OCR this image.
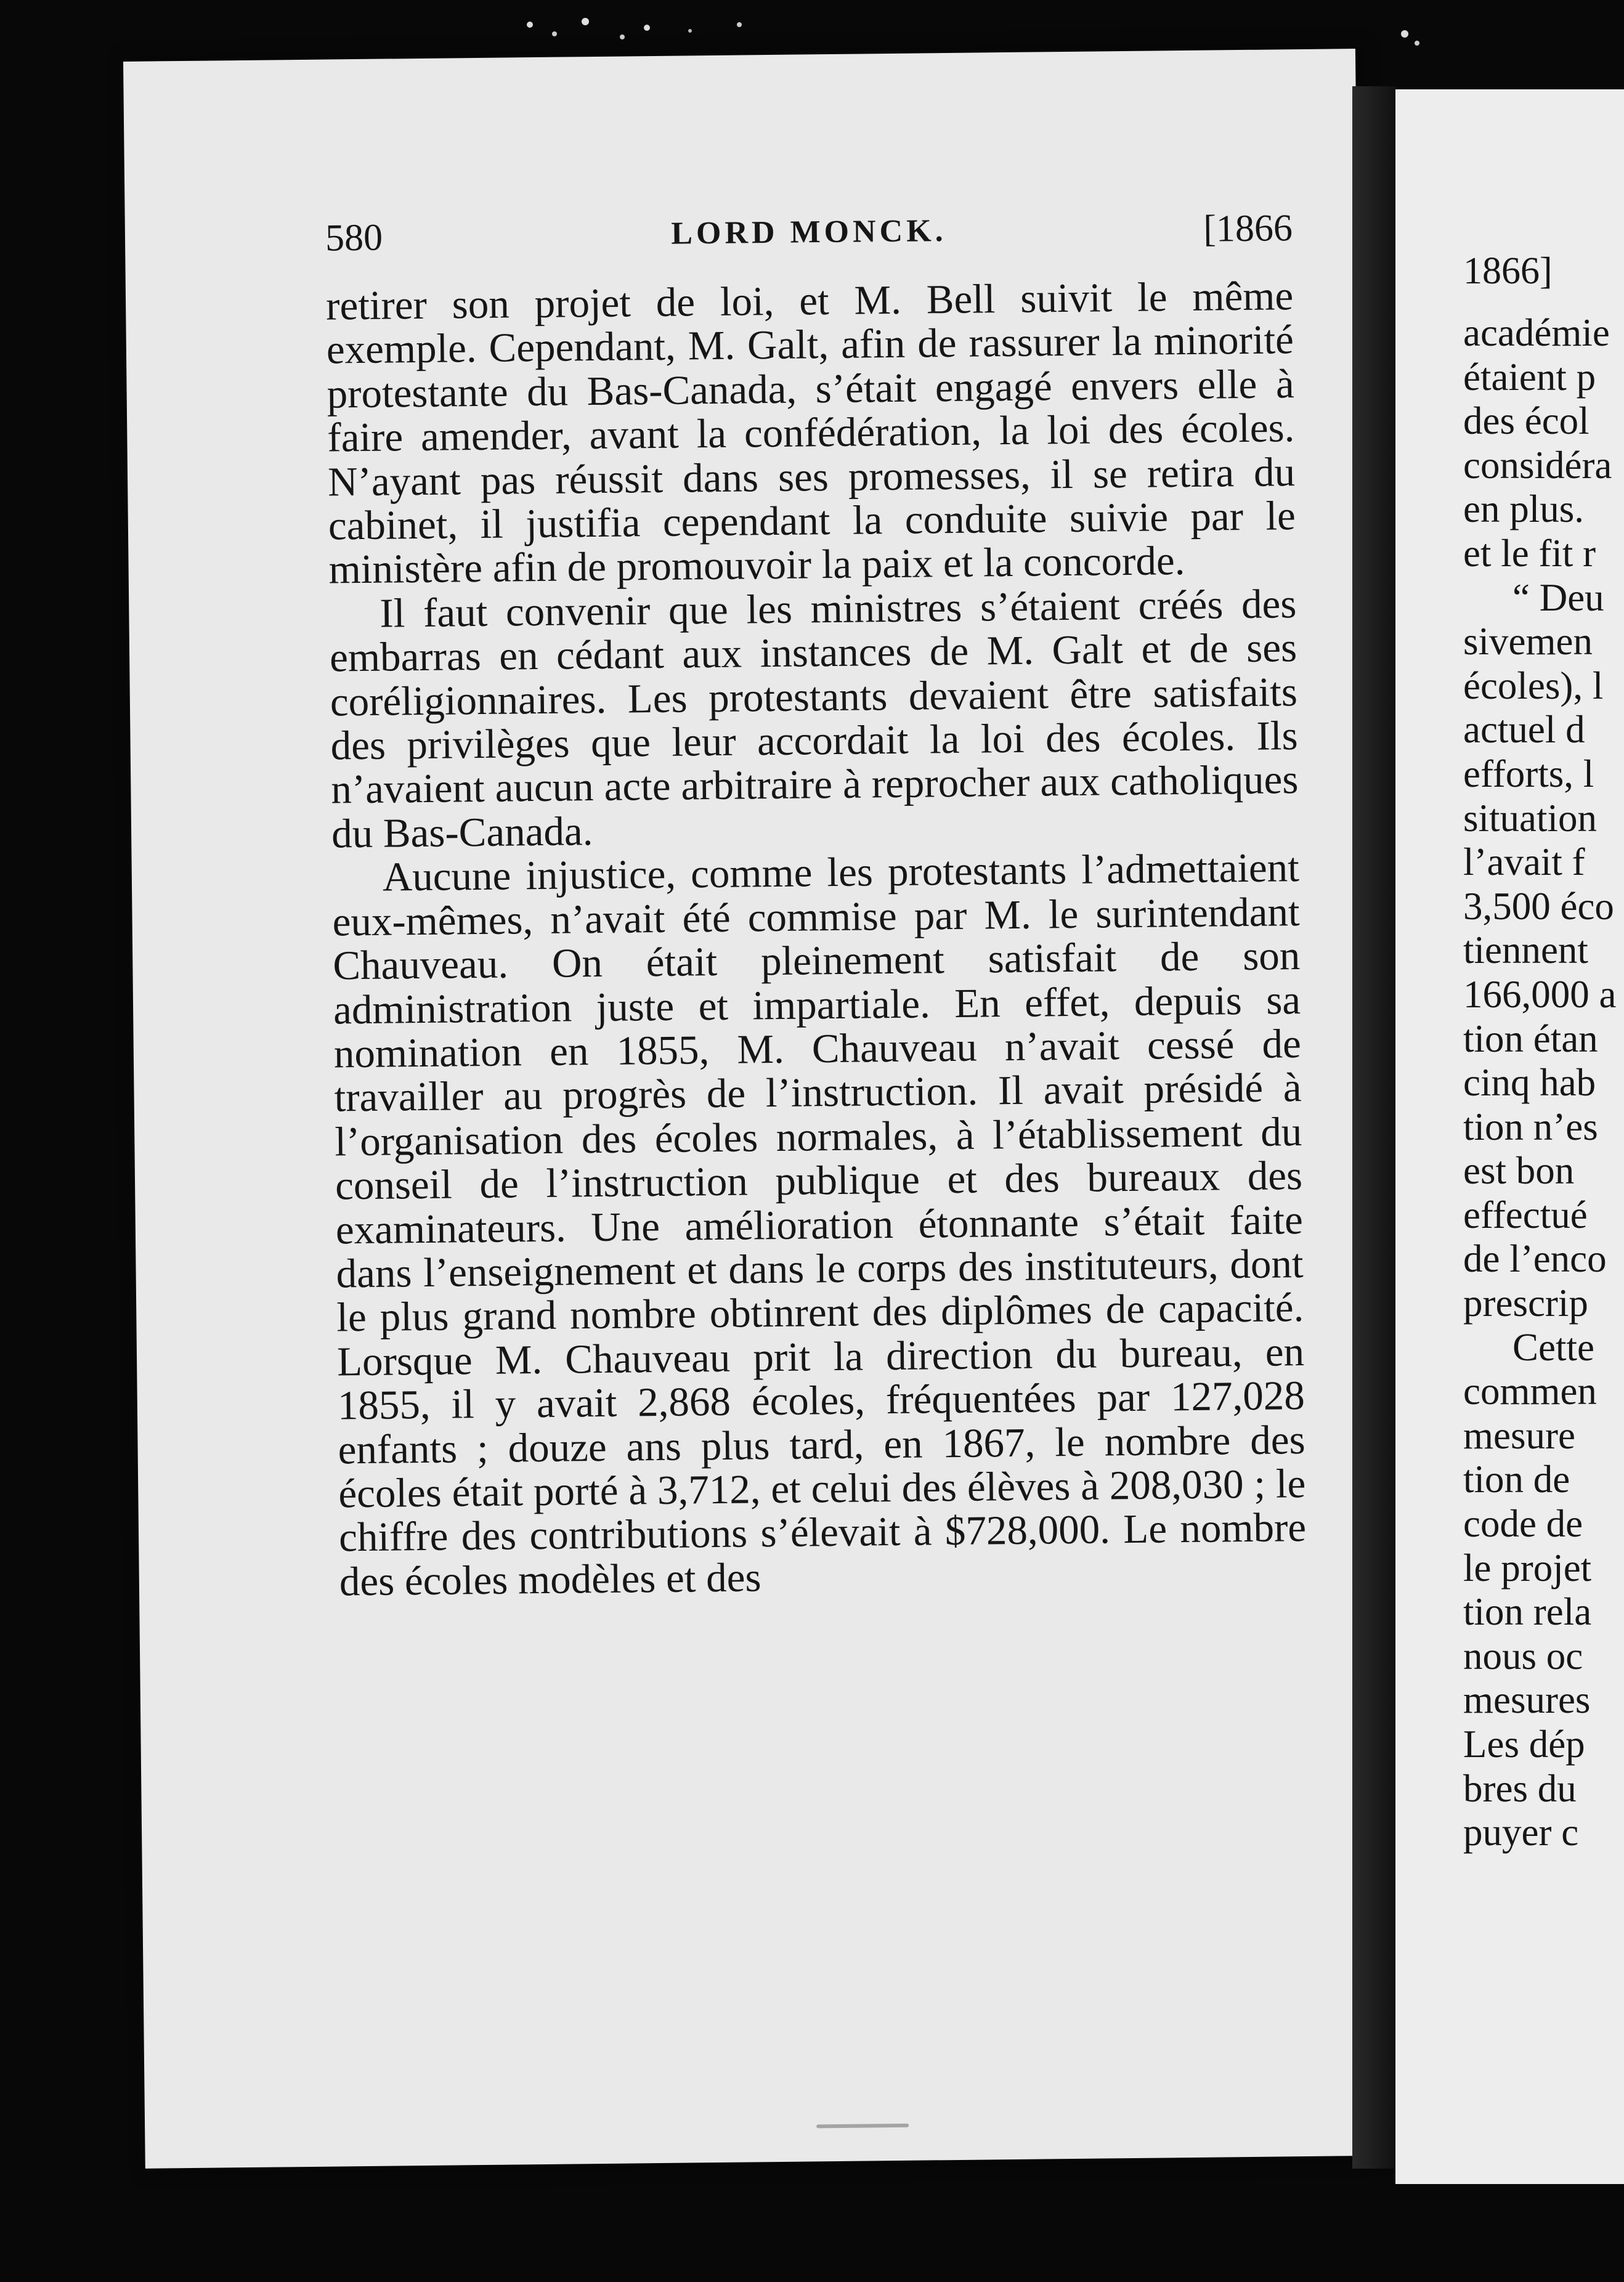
580	LORD MONCK.	[1866

retirer son projet de loi, et M. Bell suivit le même exemple. Cependant, M. Galt, afin de rassurer la minorité protestante du Bas-Canada, s’était engagé envers elle à faire amender, avant la confédération, la loi des écoles. N’ayant pas réussit dans ses promesses, il se retira du cabinet, il justifia cependant la conduite suivie par le ministère afin de promouvoir la paix et la concorde.

Il faut convenir que les ministres s’étaient créés des embarras en cédant aux instances de M. Galt et de ses coréligionnaires. Les protestants devaient être satisfaits des privilèges que leur accordait la loi des écoles. Ils n’avaient aucun acte arbitraire à reprocher aux catholiques du Bas-Canada.

Aucune injustice, comme les protestants l’admettaient eux-mêmes, n’avait été commise par M. le surintendant Chauveau. On était pleinement satisfait de son administration juste et impartiale. En effet, depuis sa nomination en 1855, M. Chauveau n’avait cessé de travailler au progrès de l’instruction. Il avait présidé à l’organisation des écoles normales, à l’établissement du conseil de l’instruction publique et des bureaux des examinateurs. Une amélioration étonnante s’était faite dans l’enseignement et dans le corps des instituteurs, dont le plus grand nombre obtinrent des diplômes de capacité. Lorsque M. Chauveau prit la direction du bureau, en 1855, il y avait 2,868 écoles, fréquentées par 127,028 enfants ; douze ans plus tard, en 1867, le nombre des écoles était porté à 3,712, et celui des élèves à 208,030 ; le chiffre des contributions s’élevait à $728,000. Le nombre des écoles modèles et des

1866]
académie
étaient p
des écol
considéra
en plus.
et le fit r
“ Deu
sivemen
écoles), l
actuel d
efforts, l
situation
l’avait f
3,500 éco
tiennent
166,000 a
tion étan
cinq hab
tion n’es
est bon
effectué
de l’enco
prescrip
Cette
commen
mesure
tion de
code de
le projet
tion rela
nous oc
mesures
Les dép
bres du
puyer c
